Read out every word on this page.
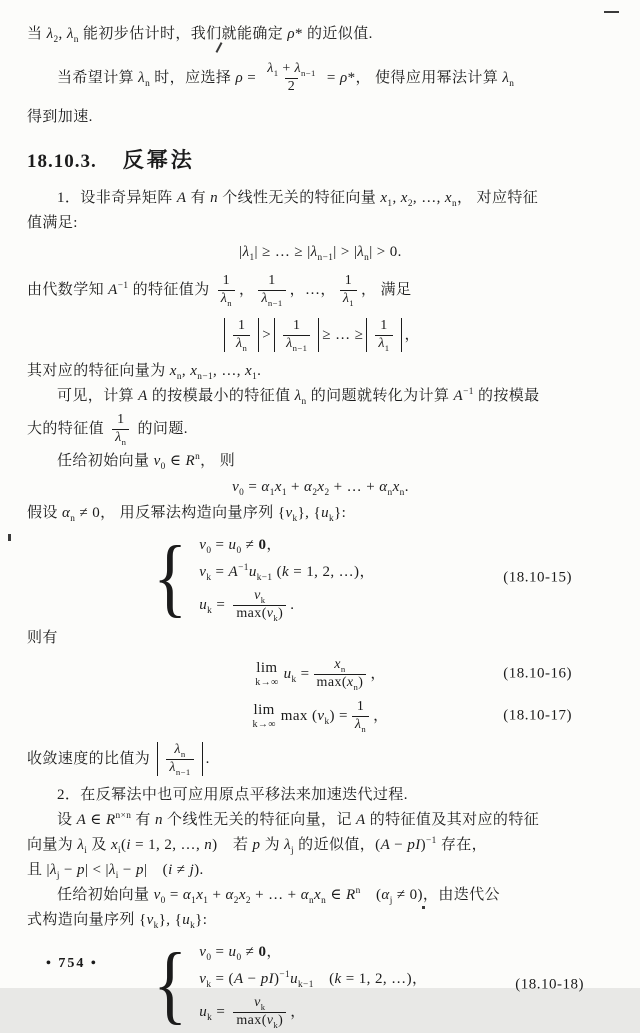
当 $\lambda_2$, $\lambda_n$ 能初步估计时，我们就能确定 ρ* 的近似值.

当希望计算 $\lambda_n$ 时，应选择 $\rho = \frac{\lambda_1 + \lambda_{n-1}}{2} = \rho*$， 使得应用幂法计算 $\lambda_n$

得到加速.

18.10.3. 反幂法

1．设非奇异矩阵 A 有 n 个线性无关的特征向量 $x_1$, $x_2$, …, $x_n$， 对应特征

值满足:

$|\lambda_1|$ ≥ … ≥ $|\lambda_{n-1}| > |\lambda_n| > 0$.
由代数学知 $A^{-1}$ 的特征值为 $\frac{1}{\lambda_n}$ ， $\frac{1}{\lambda_{n-1}}$ ，…， $\frac{1}{\lambda_1}$ ， 满足
$\frac{1}{\lambda_n} > \frac{1}{\lambda_{n-1}}$ ≥ … ≥ $\frac{1}{\lambda_1}$ ，

其对应的特征向量为 $x_n$, $x_{n-1}$, …, $x_1$.

可见，计算 A 的按模最小的特征值 $\lambda_n$ 的问题就转化为计算 $A^{-1}$ 的按模最

大的特征值 $\frac{1}{\lambda_n}$ 的问题.

任给初始向量 $v_0$ ∈ $R^n$， 则

$v_0 = \alpha_1x_1 + \alpha_2x_2$ + … + $\alpha_nx_n$.

假设 $\alpha_n \ne 0$， 用反幂法构造向量序列 $\{v_k\}$, $\{u_k\}$:

{ $v_0 = u_0 \ne 0$，
$v_k = A^{-1}u_{k-1}$ (k = 1, 2, …)，
$u_k = \frac{v_k}{\max(v_k)}$ .
(18.10-15)

则有

lim
k→∞
$u_k = \frac{x_n}{\max(x_n)}$ ，	(18.10-16)
lim
k→∞
$\max (v_k) = \frac{1}{\lambda_n}$ ，	(18.10-17)
收敛速度的比值为 $\frac{\lambda_n}{\lambda_{n-1}}$ .

2．在反幂法中也可应用原点平移法来加速迭代过程.

设 A ∈ $R^{n\times n}$ 有 n 个线性无关的特征向量，记 A 的特征值及其对应的特征

向量为 $\lambda_i$ 及 $x_i(i = 1$, 2, …, n)　若 p 为 $\lambda_j$ 的近似值，(A − pI)$^{-1}$ 存在，

且 $|\lambda_j - p| < |\lambda_i - p|$　(i ≠ j).

任给初始向量 $v_0 = \alpha_1x_1 + \alpha_2x_2$ + … + $\alpha_nx_n$ ∈ $R^n$　$(\alpha_j \ne 0)$，由迭代公

式构造向量序列 $\{v_k\}$, $\{u_k\}$:

{ $v_0 = u_0 \ne 0$，
$v_k = (A - pI)^{-1}u_{k-1}$　(k = 1, 2, …)，
$u_k = \frac{v_k}{\max(v_k)}$ ，
(18.10-18)
• 754 •
